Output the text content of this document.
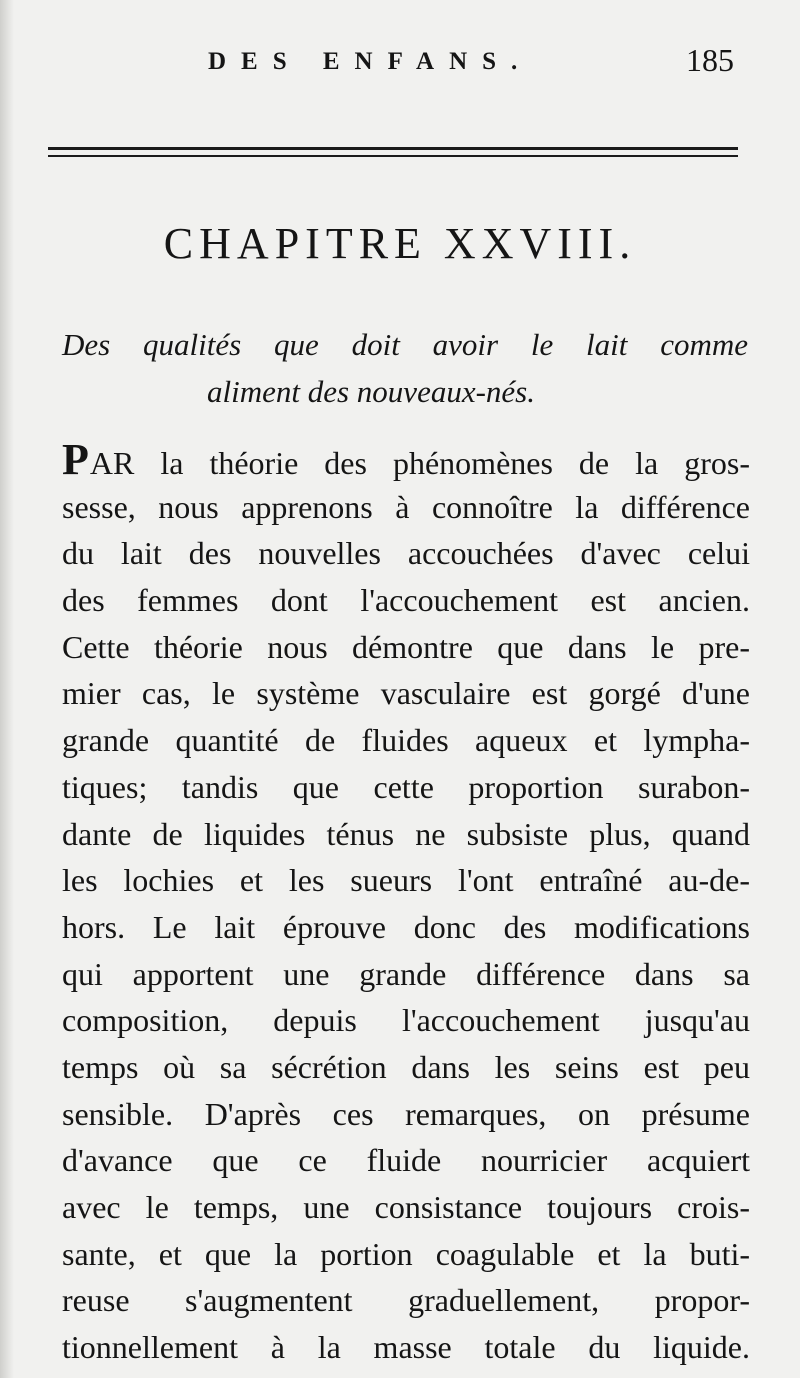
DES ENFANS.	185
CHAPITRE XXVIII.
Des qualités que doit avoir le lait comme
aliment des nouveaux-nés.
PAR la théorie des phénomènes de la gros-
sesse, nous apprenons à connoître la différence
du lait des nouvelles accouchées d'avec celui
des femmes dont l'accouchement est ancien.
Cette théorie nous démontre que dans le pre-
mier cas, le système vasculaire est gorgé d'une
grande quantité de fluides aqueux et lympha-
tiques; tandis que cette proportion surabon-
dante de liquides ténus ne subsiste plus, quand
les lochies et les sueurs l'ont entraîné au-de-
hors. Le lait éprouve donc des modifications
qui apportent une grande différence dans sa
composition, depuis l'accouchement jusqu'au
temps où sa sécrétion dans les seins est peu
sensible. D'après ces remarques, on présume
d'avance que ce fluide nourricier acquiert
avec le temps, une consistance toujours crois-
sante, et que la portion coagulable et la buti-
reuse s'augmentent graduellement, propor-
tionnellement à la masse totale du liquide.
